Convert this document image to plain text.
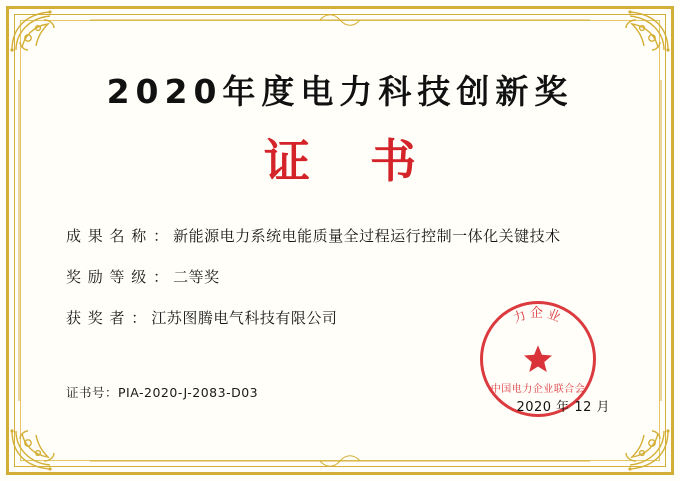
2020年度电力科技创新奖
证 书
成 果 名 称 ： 新能源电力系统电能质量全过程运行控制一体化关键技术
奖 励 等 级 ： 二等奖
获 奖 者 ： 江苏图腾电气科技有限公司
证书号：PIA-2020-J-2083-D03
力企业
中国电力企业联合会
2020 年 12 月
